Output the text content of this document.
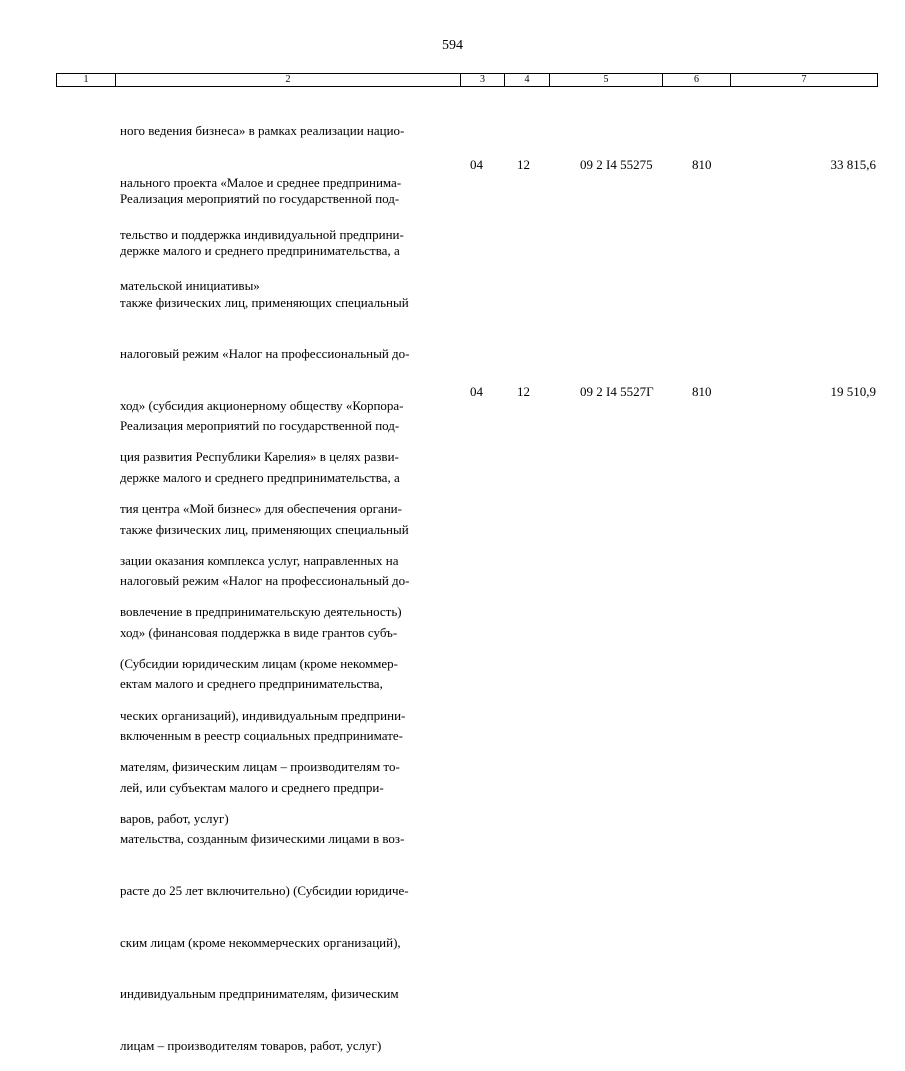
594
1	2	3	4	5	6	7

ного ведения бизнеса» в рамках реализации нацио-

нального проекта «Малое и среднее предпринима-

тельство и поддержка индивидуальной предприни-

мательской инициативы»

Реализация мероприятий по государственной под-

держке малого и среднего предпринимательства, а

также физических лиц, применяющих специальный

налоговый режим «Налог на профессиональный до-

ход» (субсидия акционерному обществу «Корпора-

ция развития Республики Карелия» в целях разви-

тия центра «Мой бизнес» для обеспечения органи-

зации оказания комплекса услуг, направленных на

вовлечение в предпринимательскую деятельность)

(Субсидии юридическим лицам (кроме некоммер-

ческих организаций), индивидуальным предприни-

мателям, физическим лицам – производителям то-

варов, работ, услуг)

04	12	09 2 I4 55275	810	33 815,6

Реализация мероприятий по государственной под-

держке малого и среднего предпринимательства, а

также физических лиц, применяющих специальный

налоговый режим «Налог на профессиональный до-

ход» (финансовая поддержка в виде грантов субъ-

ектам малого и среднего предпринимательства,

включенным в реестр социальных предпринимате-

лей, или субъектам малого и среднего предпри-

мательства, созданным физическими лицами в воз-

расте до 25 лет включительно) (Субсидии юридиче-

ским лицам (кроме некоммерческих организаций),

индивидуальным предпринимателям, физическим

лицам – производителям товаров, работ, услуг)

04	12	09 2 I4 5527Г	810	19 510,9
